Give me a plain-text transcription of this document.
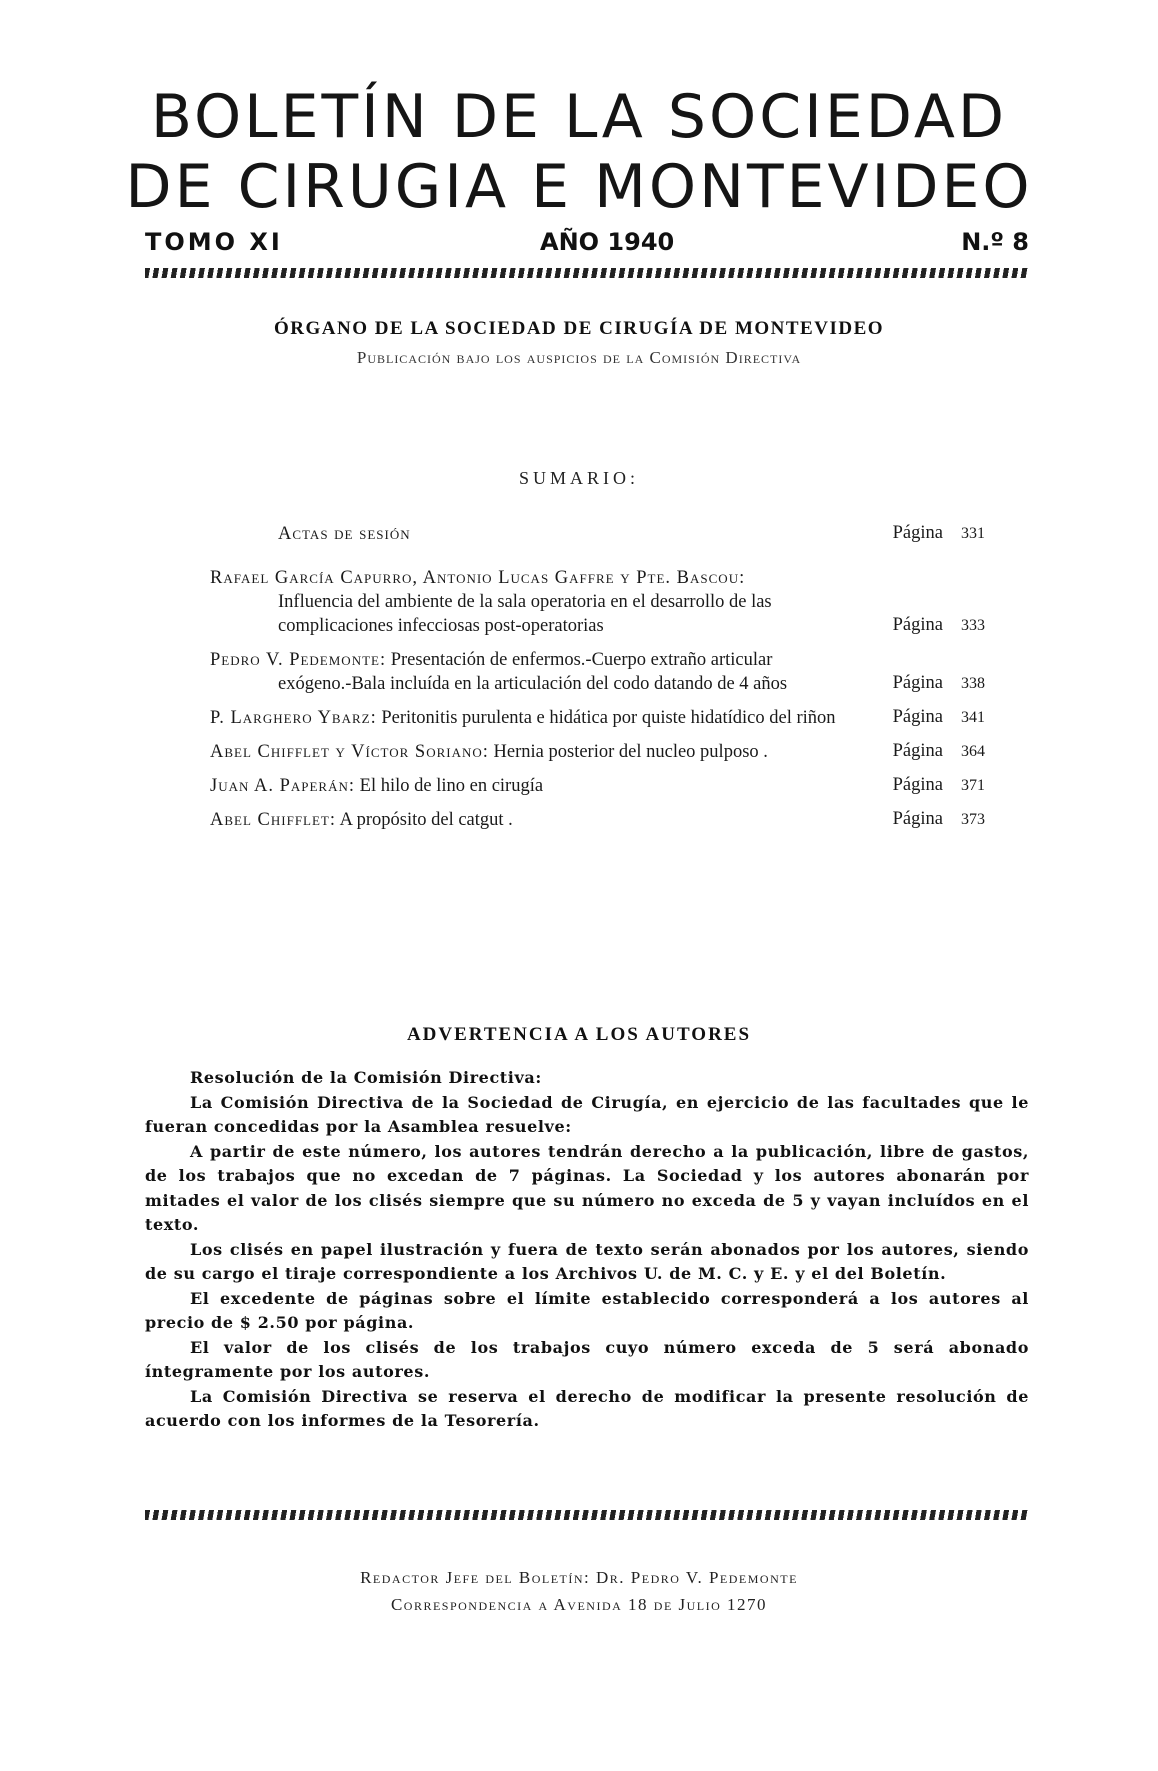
BOLETÍN DE LA SOCIEDAD
DE CIRUGIA E MONTEVIDEO
TOMO XI	AÑO 1940	N.º 8
ÓRGANO DE LA SOCIEDAD DE CIRUGÍA DE MONTEVIDEO
Publicación bajo los auspicios de la Comisión Directiva
SUMARIO:
Actas de sesión	Página 331
Rafael García Capurro, Antonio Lucas Gaffre y Pte. Bascou:
Influencia del ambiente de la sala operatoria en el desarrollo de las complicaciones infecciosas post-operatorias	Página 333
Pedro V. Pedemonte: Presentación de enfermos.-Cuerpo extraño articular exógeno.-Bala incluída en la articulación del codo datando de 4 años	Página 338
P. Larghero Ybarz: Peritonitis purulenta e hidática por quiste hidatídico del riñon	Página 341
Abel Chifflet y Víctor Soriano: Hernia posterior del nucleo pulposo .	Página 364
Juan A. Paperán: El hilo de lino en cirugía	Página 371
Abel Chifflet: A propósito del catgut .	Página 373
ADVERTENCIA A LOS AUTORES

Resolución de la Comisión Directiva:

La Comisión Directiva de la Sociedad de Cirugía, en ejercicio de las facultades que le fueran concedidas por la Asamblea resuelve:

A partir de este número, los autores tendrán derecho a la publicación, libre de gastos, de los trabajos que no excedan de 7 páginas. La Sociedad y los autores abonarán por mitades el valor de los clisés siempre que su número no exceda de 5 y vayan incluídos en el texto.

Los clisés en papel ilustración y fuera de texto serán abonados por los autores, siendo de su cargo el tiraje correspondiente a los Archivos U. de M. C. y E. y el del Boletín.

El excedente de páginas sobre el límite establecido corresponderá a los autores al precio de $ 2.50 por página.

El valor de los clisés de los trabajos cuyo número exceda de 5 será abonado íntegramente por los autores.

La Comisión Directiva se reserva el derecho de modificar la presente resolución de acuerdo con los informes de la Tesorería.

Redactor Jefe del Boletín: Dr. Pedro V. Pedemonte
Correspondencia a Avenida 18 de Julio 1270
